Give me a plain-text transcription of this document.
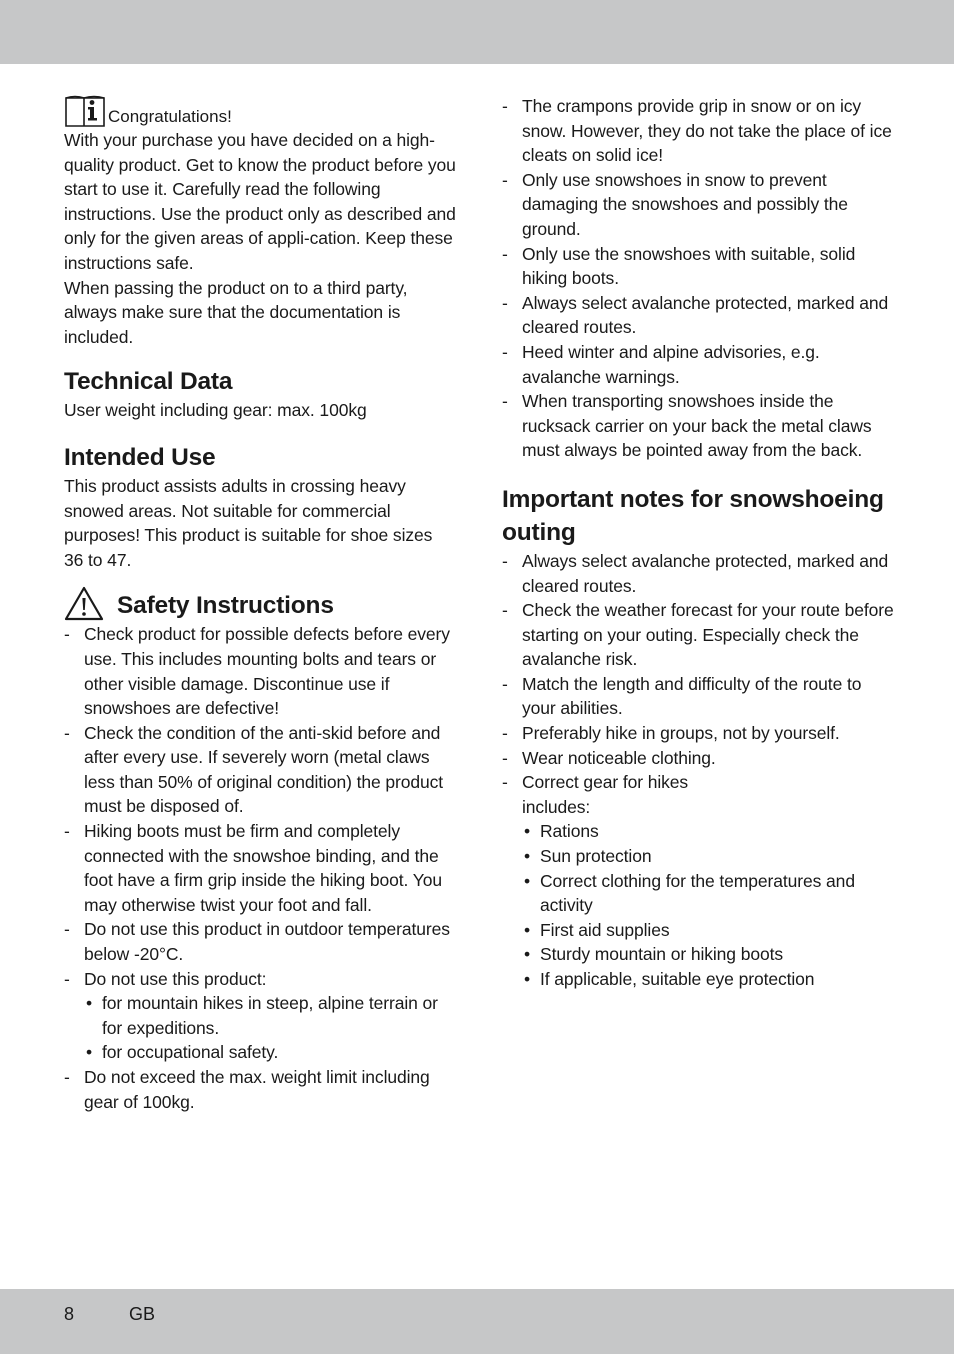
Congratulations!

With your purchase you have decided on a high-quality product. Get to know the product before you start to use it. Carefully read the following instructions. Use the product only as described and only for the given areas of appli-cation. Keep these instructions safe.

When passing the product on to a third party, always make sure that the documentation is included.

Technical Data

User weight including gear: max. 100kg

Intended Use

This product assists adults in crossing heavy snowed areas. Not suitable for commercial purposes! This product is suitable for shoe sizes 36 to 47.

Safety Instructions
- Check product for possible defects before every use. This includes mounting bolts and tears or other visible damage. Discontinue use if snowshoes are defective!
- Check the condition of the anti-skid before and after every use. If severely worn (metal claws less than 50% of original condition) the product must be disposed of.
- Hiking boots must be firm and completely connected with the snowshoe binding, and the foot have a firm grip inside the hiking boot. You may otherwise twist your foot and fall.
- Do not use this product in outdoor temperatures below -20°C.
- Do not use this product:
• for mountain hikes in steep, alpine terrain or for expeditions.
• for occupational safety.
- Do not exceed the max. weight limit including gear of 100kg.
- The crampons provide grip in snow or on icy snow. However, they do not take the place of ice cleats on solid ice!
- Only use snowshoes in snow to prevent damaging the snowshoes and possibly the ground.
- Only use the snowshoes with suitable, solid hiking boots.
- Always select avalanche protected, marked and cleared routes.
- Heed winter and alpine advisories, e.g. avalanche warnings.
- When transporting snowshoes inside the rucksack carrier on your back the metal claws must always be pointed away from the back.
Important notes for snowshoeing outing
- Always select avalanche protected, marked and cleared routes.
- Check the weather forecast for your route before starting on your outing. Especially check the avalanche risk.
- Match the length and difficulty of the route to your abilities.
- Preferably hike in groups, not by yourself.
- Wear noticeable clothing.
- Correct gear for hikes
includes:
• Rations
• Sun protection
• Correct clothing for the temperatures and activity
• First aid supplies
• Sturdy mountain or hiking boots
• If applicable, suitable eye protection
8	GB
